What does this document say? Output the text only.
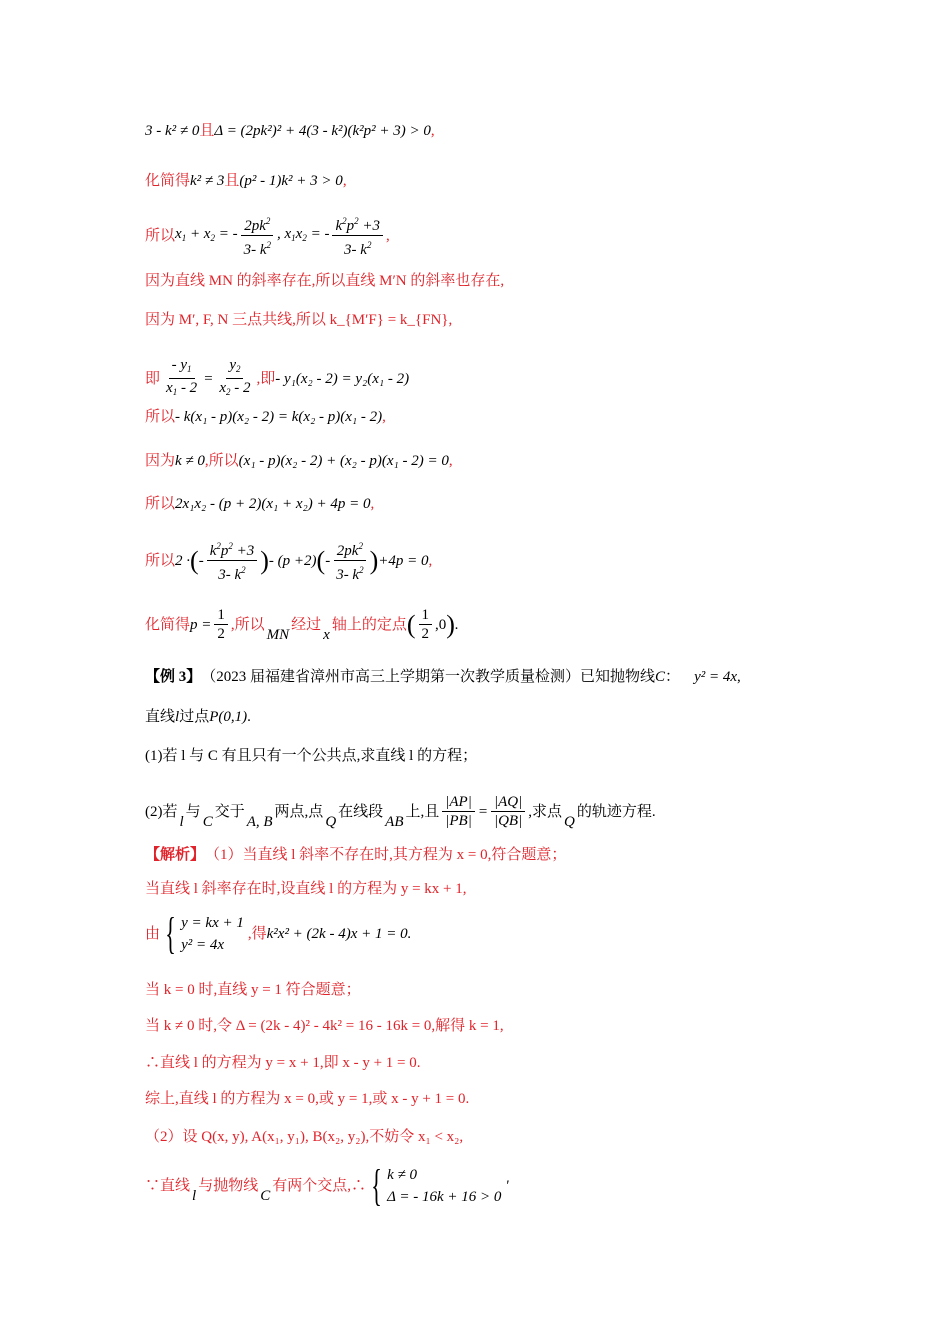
3 - k² ≠ 0 且 Δ = (2pk²)² + 4(3 - k²)(k²p² + 3) > 0 ,
化简得 k² ≠ 3 且 (p² - 1)k² + 3 > 0 ,
所以 $x_1 + x_2$ = - $\frac{2pk^2}{3- k^2}$ , $x_1x_2$ = - $\frac{k^2p^2 +3}{3- k^2}$ ,
因为直线 MN 的斜率存在,所以直线 M′N 的斜率也存在,
因为 M′, F, N 三点共线,所以 k_{M′F} = k_{FN},
即 $\frac{- y_1}{x_1 - 2} = \frac{y_2}{x_2 - 2}$ ,即 - y₁(x₂ - 2) = y₂(x₁ - 2)
所以 - k(x₁ - p)(x₂ - 2) = k(x₂ - p)(x₁ - 2) ,
因为 k ≠ 0 ,所以 (x₁ - p)(x₂ - 2) + (x₂ - p)(x₁ - 2) = 0 ,
所以 2x₁x₂ - (p + 2)(x₁ + x₂) + 4p = 0 ,
所以 2 · ( - $\frac{k^2p^2 +3}{3- k^2}$ ) - (p +2) ( - $\frac{2pk^2}{3- k^2}$ ) +4p = 0 ,
化简得 $p = \frac{1}{2}$ ,所以
MN
经过
x
轴上的定点 ( $\frac{1}{2} ,0$ ) .
【例 3】 （2023 届福建省漳州市高三上学期第一次教学质量检测）已知抛物线 C ： y² = 4x ,
直线 l 过点 P(0,1) .
(1)若 l 与 C 有且只有一个公共点,求直线 l 的方程；
(2)若
l
与
C
交于
A, B
两点,点
Q
在线段
AB
上,且 $\frac{|AP|}{|PB|} = \frac{|AQ|}{|QB|}$ ,求点
Q
的轨迹方程.
【解析】 （1）当直线 l 斜率不存在时,其方程为 x = 0,符合题意；
当直线 l 斜率存在时,设直线 l 的方程为 y = kx + 1,
由 { y = kx + 1
y² = 4x
,得 k²x² + (2k - 4)x + 1 = 0 .
当 k = 0 时,直线 y = 1 符合题意；
当 k ≠ 0 时,令 Δ = (2k - 4)² - 4k² = 16 - 16k = 0,解得 k = 1,
∴直线 l 的方程为 y = x + 1,即 x - y + 1 = 0.
综上,直线 l 的方程为 x = 0,或 y = 1,或 x - y + 1 = 0.
（2）设 Q(x, y), A(x₁, y₁), B(x₂, y₂),不妨令 x₁ < x₂,
∵直线
l
与抛物线
C
有两个交点,∴ { k ≠ 0
Δ = - 16k + 16 > 0
'
